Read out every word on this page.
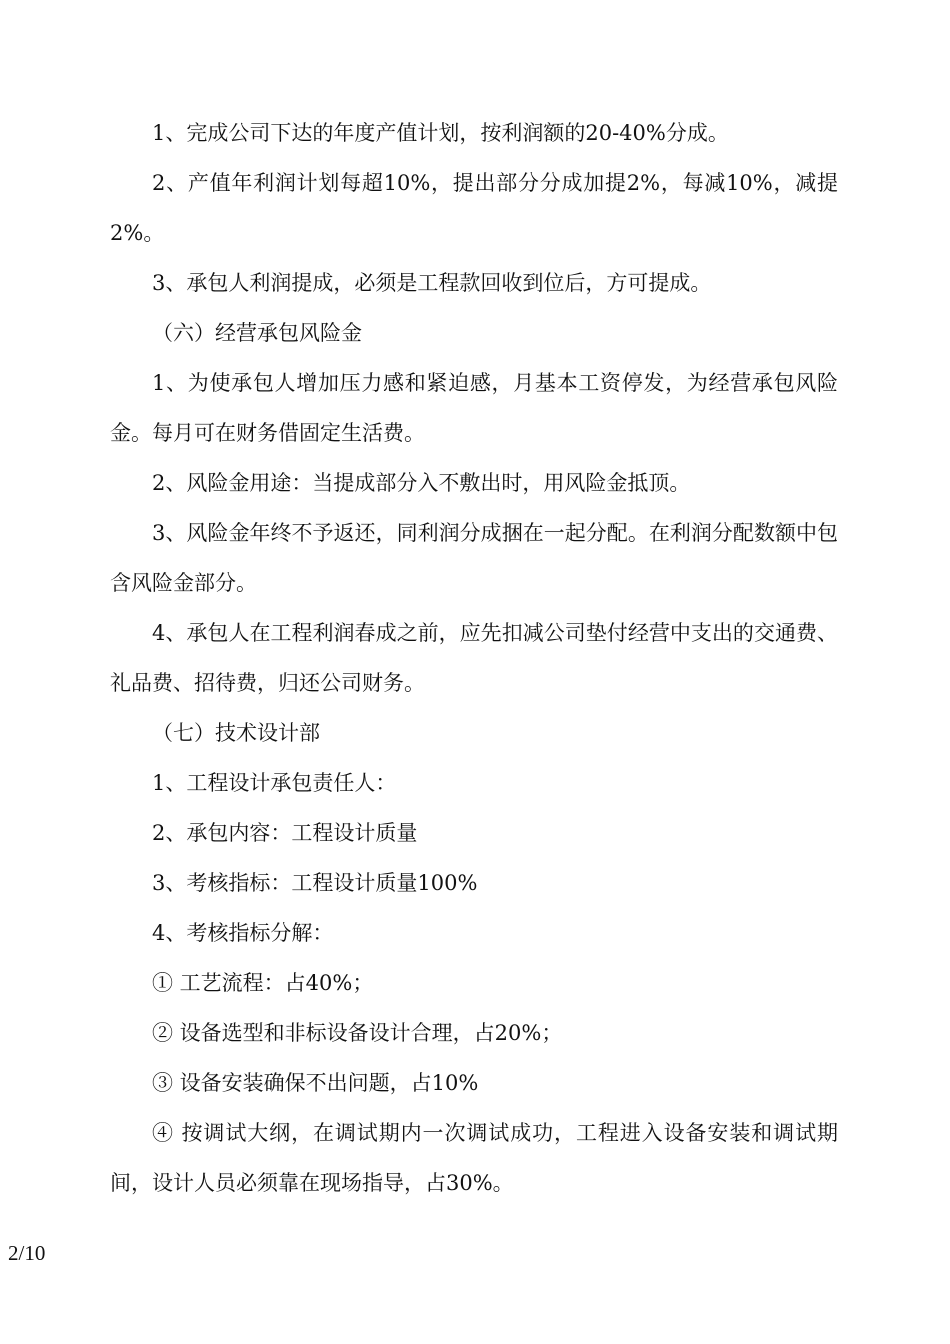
1、完成公司下达的年度产值计划，按利润额的20-40%分成。

2、产值年利润计划每超10%，提出部分分成加提2%，每减10%，减提2%。

3、承包人利润提成，必须是工程款回收到位后，方可提成。

（六）经营承包风险金

1、为使承包人增加压力感和紧迫感，月基本工资停发，为经营承包风险金。每月可在财务借固定生活费。

2、风险金用途：当提成部分入不敷出时，用风险金抵顶。

3、风险金年终不予返还，同利润分成捆在一起分配。在利润分配数额中包含风险金部分。

4、承包人在工程利润春成之前，应先扣减公司垫付经营中支出的交通费、礼品费、招待费，归还公司财务。

（七）技术设计部

1、工程设计承包责任人：

2、承包内容：工程设计质量

3、考核指标：工程设计质量100%

4、考核指标分解：

① 工艺流程：占40%；

② 设备选型和非标设备设计合理，占20%；

③ 设备安装确保不出问题，占10%

④ 按调试大纲，在调试期内一次调试成功，工程进入设备安装和调试期间，设计人员必须靠在现场指导，占30%。

2/10
